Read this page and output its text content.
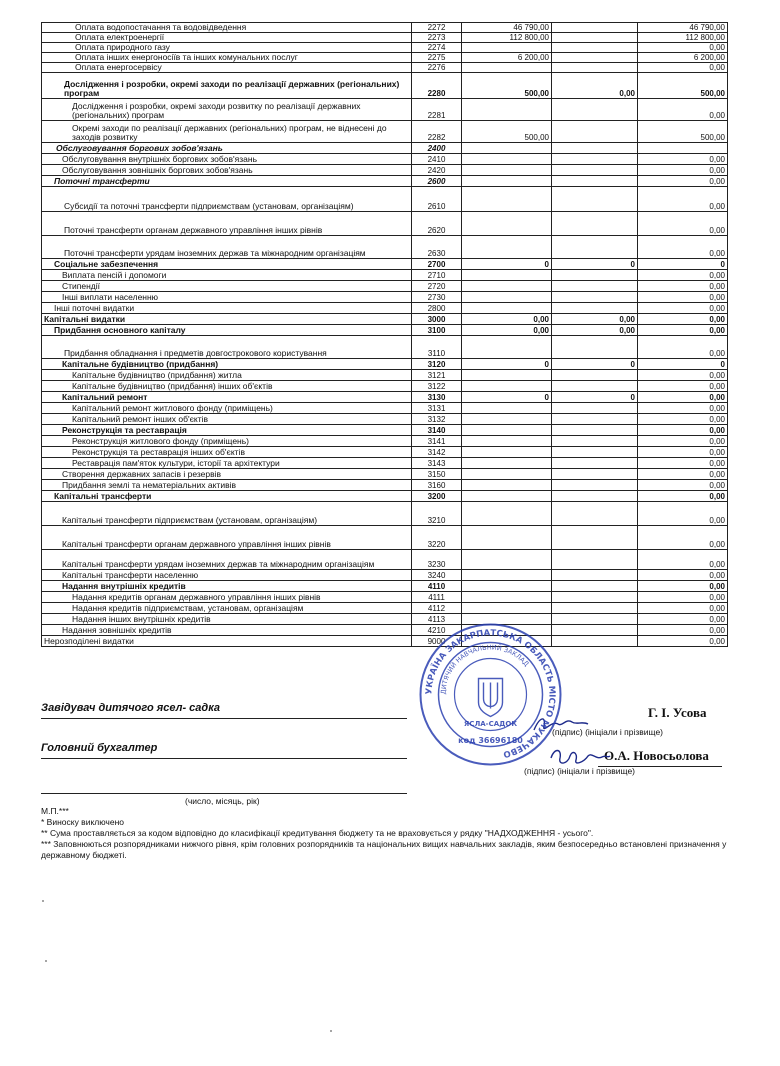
Оплата водопостачання та водовідведення	2272	46 790,00		46 790,00
Оплата електроенергії	2273	112 800,00		112 800,00
Оплата природного газу	2274			0,00
Оплата інших енергоносіїв та інших комунальних послуг	2275	6 200,00		6 200,00
Оплата енергосервісу	2276			0,00
Дослідження і розробки, окремі заходи по реалізації державних (регіональних) програм	2280	500,00	0,00	500,00
Дослідження і розробки, окремі заходи розвитку по реалізації державних (регіональних) програм	2281			0,00
Окремі заходи по реалізації державних (регіональних) програм, не віднесені до заходів розвитку	2282	500,00		500,00
Обслуговування боргових зобов'язань	2400			
Обслуговування внутрішніх боргових зобов'язань	2410			0,00
Обслуговування зовнішніх боргових зобов'язань	2420			0,00
Поточні трансферти	2600			0,00
Субсидії та поточні трансферти підприємствам (установам, організаціям)	2610			0,00
Поточні трансферти органам державного управління інших рівнів	2620			0,00
Поточні трансферти урядам іноземних держав та міжнародним організаціям	2630			0,00
Соціальне забезпечення	2700	0	0	0
Виплата пенсій і допомоги	2710			0,00
Стипендії	2720			0,00
Інші виплати населенню	2730			0,00
Інші поточні видатки	2800			0,00
Капітальні видатки	3000	0,00	0,00	0,00
Придбання основного капіталу	3100	0,00	0,00	0,00
Придбання обладнання і предметів довгострокового користування	3110			0,00
Капітальне будівництво (придбання)	3120	0	0	0
Капітальне будівництво (придбання) житла	3121			0,00
Капітальне будівництво (придбання) інших об'єктів	3122			0,00
Капітальний ремонт	3130	0	0	0,00
Капітальний ремонт житлового фонду (приміщень)	3131			0,00
Капітальний ремонт інших об'єктів	3132			0,00
Реконструкція та реставрація	3140			0,00
Реконструкція житлового фонду (приміщень)	3141			0,00
Реконструкція та реставрація інших об'єктів	3142			0,00
Реставрація пам'яток культури, історії та архітектури	3143			0,00
Створення державних запасів і резервів	3150			0,00
Придбання землі та нематеріальних активів	3160			0,00
Капітальні трансферти	3200			0,00
Капітальні трансферти підприємствам (установам, організаціям)	3210			0,00
Капітальні трансферти органам державного управління інших рівнів	3220			0,00
Капітальні трансферти урядам іноземних держав та міжнародним організаціям	3230			0,00
Капітальні трансферти населенню	3240			0,00
Надання внутрішніх кредитів	4110			0,00
Надання кредитів органам державного управління інших рівнів	4111			0,00
Надання кредитів підприємствам, установам, організаціям	4112			0,00
Надання інших внутрішніх кредитів	4113			0,00
Надання зовнішніх кредитів	4210			0,00
Нерозподілені видатки	9000			0,00
Завідувач дитячого ясел- садка	Г. І. Усова
(підпис) (ініціали і прізвище)
Головний бухгалтер	О.А. Новосьолова
(підпис) (ініціали і прізвище)
(число, місяць, рік)
УКРАЇНА ЗАКАРПАТСЬКА ОБЛАСТЬ МІСТО МУКАЧЕВО
ДИТЯЧИЙ НАВЧАЛЬНИЙ ЗАКЛАД
ЯСЛА-САДОК
код 36696180
М.П.***
* Виноску виключено
** Сума проставляється за кодом відповідно до класифікації кредитування бюджету та не враховується у рядку "НАДХОДЖЕННЯ - усього".
*** Заповнюються розпорядниками нижчого рівня, крім головних розпорядників та національних вищих навчальних закладів, яким безпосередньо встановлені призначення у державному бюджеті.
